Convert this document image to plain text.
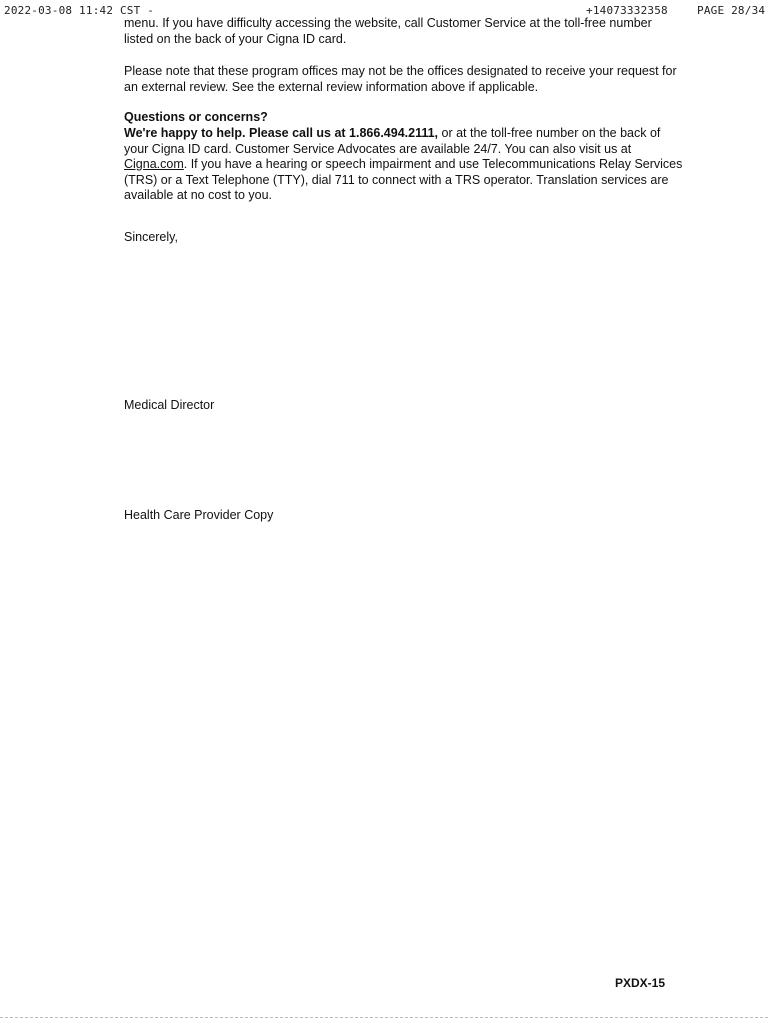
2022-03-08 11:42 CST -	+14073332358	PAGE 28/34
menu. If you have difficulty accessing the website, call Customer Service at the toll-free number listed on the back of your Cigna ID card.
Please note that these program offices may not be the offices designated to receive your request for an external review. See the external review information above if applicable.
Questions or concerns?
We're happy to help. Please call us at 1.866.494.2111, or at the toll-free number on the back of your Cigna ID card. Customer Service Advocates are available 24/7. You can also visit us at Cigna.com. If you have a hearing or speech impairment and use Telecommunications Relay Services (TRS) or a Text Telephone (TTY), dial 711 to connect with a TRS operator. Translation services are available at no cost to you.
Sincerely,
Medical Director
Health Care Provider Copy
PXDX-15
